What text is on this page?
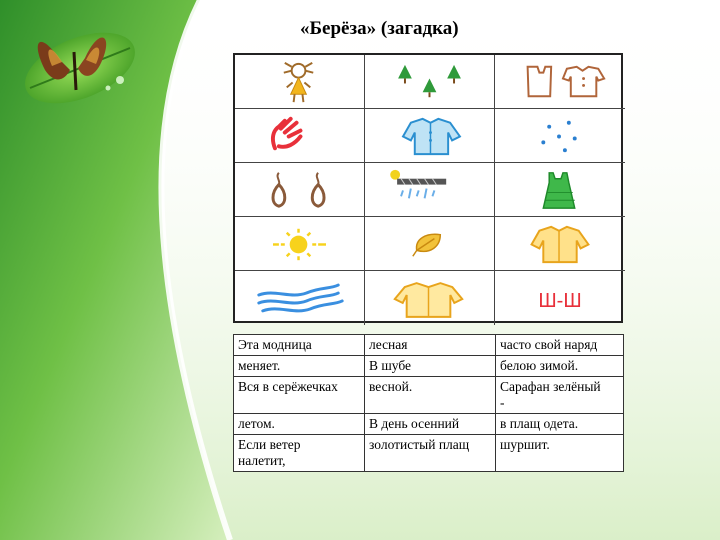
«Берёза» (загадка)
Ш-Ш
Эта модница	лесная	часто свой наряд
меняет.	В шубе	белою зимой.
Вся в серёжечках	весной.	Сарафан зелёный
-
летом.	В день осенний	в плащ одета.
Если ветер
налетит,	золотистый плащ	шуршит.
